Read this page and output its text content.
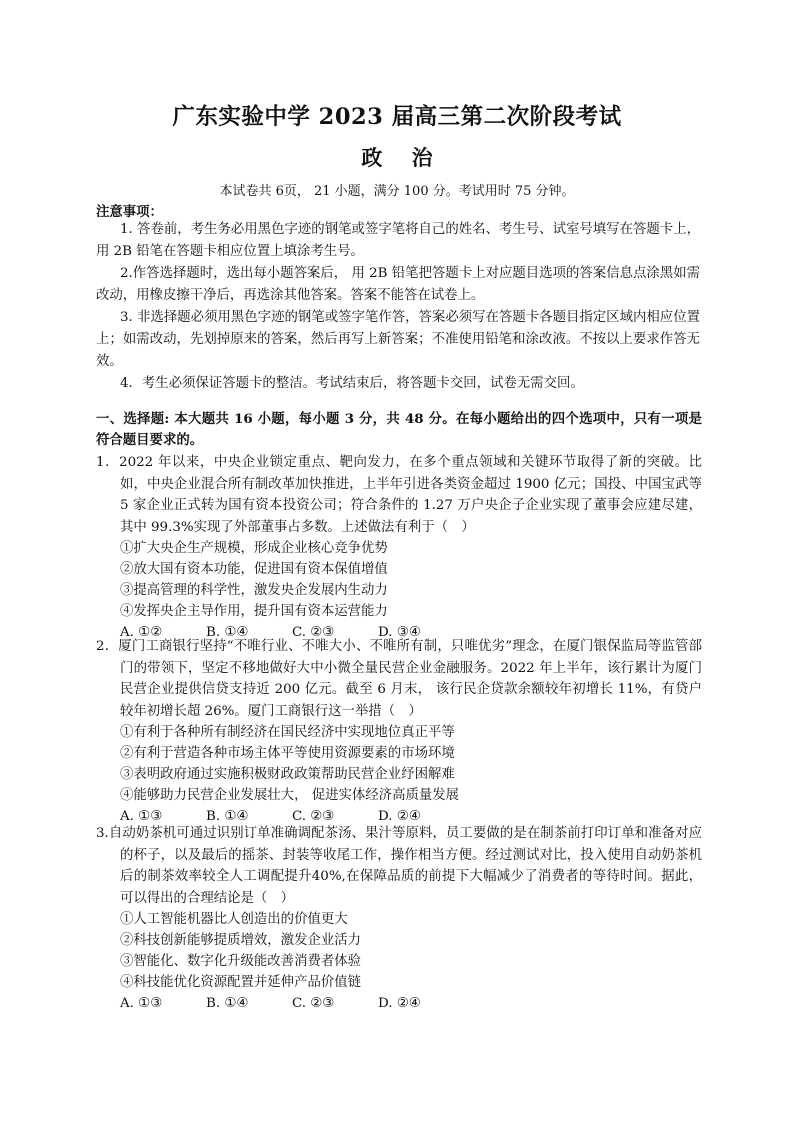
广东实验中学 2023 届高三第二次阶段考试
政    治
本试卷共 6页， 21 小题，满分 100 分。考试用时 75 分钟。
注意事项：

1. 答卷前，考生务必用黑色字迹的钢笔或签字笔将自己的姓名、考生号、试室号填写在答题卡上，用 2B 铅笔在答题卡相应位置上填涂考生号。

2.作答选择题时，选出每小题答案后， 用 2B 铅笔把答题卡上对应题目选项的答案信息点涂黑如需改动，用橡皮擦干净后，再选涂其他答案。答案不能答在试卷上。

3. 非选择题必须用黑色字迹的钢笔或签字笔作答，答案必须写在答题卡各题目指定区域内相应位置上；如需改动，先划掉原来的答案，然后再写上新答案；不准使用铅笔和涂改液。不按以上要求作答无效。

4．考生必须保证答题卡的整洁。考试结束后，将答题卡交回，试卷无需交回。

一、选择题: 本大题共 16 小题，每小题 3 分，共 48 分。在每小题给出的四个选项中，只有一项是符合题目要求的。

1．2022 年以来，中央企业锁定重点、靶向发力，在多个重点领域和关键环节取得了新的突破。比如，中央企业混合所有制改革加快推进，上半年引进各类资金超过 1900 亿元；国投、中国宝武等 5 家企业正式转为国有资本投资公司；符合条件的 1.27 万户央企子企业实现了董事会应建尽建，其中 99.3%实现了外部董事占多数。上述做法有利于（　）

①扩大央企生产规模，形成企业核心竞争优势

②放大国有资本功能，促进国有资本保值增值

③提高管理的科学性，激发央企发展内生动力

④发挥央企主导作用，提升国有资本运营能力

A. ①②	B. ①④	C. ②③	D. ③④

2．厦门工商银行坚持“不唯行业、不唯大小、不唯所有制，只唯优劣”理念，在厦门银保监局等监管部门的带领下，坚定不移地做好大中小微全量民营企业金融服务。2022 年上半年，该行累计为厦门民营企业提供信贷支持近 200 亿元。截至 6 月末， 该行民企贷款余额较年初增长 11%，有贷户较年初增长超 26%。厦门工商银行这一举措（　）

①有利于各种所有制经济在国民经济中实现地位真正平等

②有利于营造各种市场主体平等使用资源要素的市场环境

③表明政府通过实施积极财政政策帮助民营企业纾困解难

④能够助力民营企业发展壮大， 促进实体经济高质量发展

A. ①③	B. ①④	C. ②③	D. ②④

3.自动奶茶机可通过识别订单准确调配茶汤、果汁等原料，员工要做的是在制茶前打印订单和准备对应的杯子，以及最后的摇茶、封装等收尾工作，操作相当方便。经过测试对比，投入使用自动奶茶机后的制茶效率较全人工调配提升40%,在保障品质的前提下大幅减少了消费者的等待时间。据此，可以得出的合理结论是（　）

①人工智能机器比人创造出的价值更大

②科技创新能够提质增效，激发企业活力

③智能化、数字化升级能改善消费者体验

④科技能优化资源配置并延伸产品价值链

A. ①③	B. ①④	C. ②③	D. ②④
